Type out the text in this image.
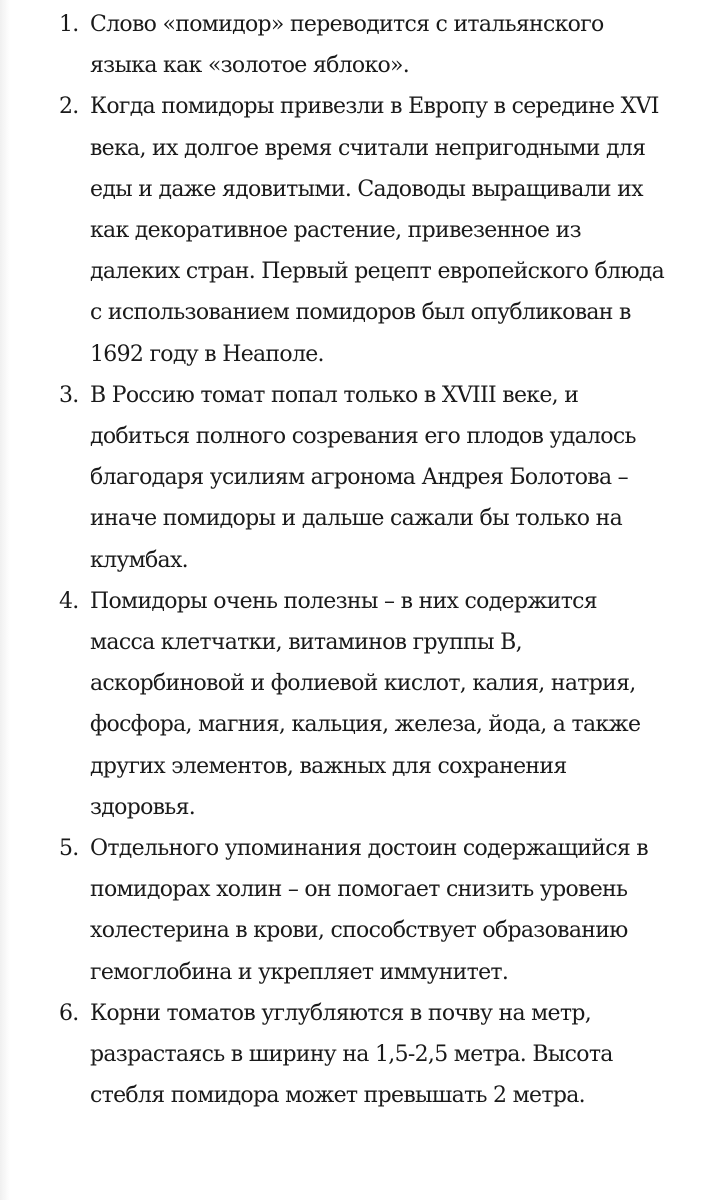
1. Слово «помидор» переводится с итальянского языка как «золотое яблоко».
2. Когда помидоры привезли в Европу в середине XVI века, их долгое время считали непригодными для еды и даже ядовитыми. Садоводы выращивали их как декоративное растение, привезенное из далеких стран. Первый рецепт европейского блюда с использованием помидоров был опубликован в 1692 году в Неаполе.
3. В Россию томат попал только в XVIII веке, и добиться полного созревания его плодов удалось благодаря усилиям агронома Андрея Болотова – иначе помидоры и дальше сажали бы только на клумбах.
4. Помидоры очень полезны – в них содержится масса клетчатки, витаминов группы В, аскорбиновой и фолиевой кислот, калия, натрия, фосфора, магния, кальция, железа, йода, а также других элементов, важных для сохранения здоровья.
5. Отдельного упоминания достоин содержащийся в помидорах холин – он помогает снизить уровень холестерина в крови, способствует образованию гемоглобина и укрепляет иммунитет.
6. Корни томатов углубляются в почву на метр, разрастаясь в ширину на 1,5-2,5 метра. Высота стебля помидора может превышать 2 метра.
